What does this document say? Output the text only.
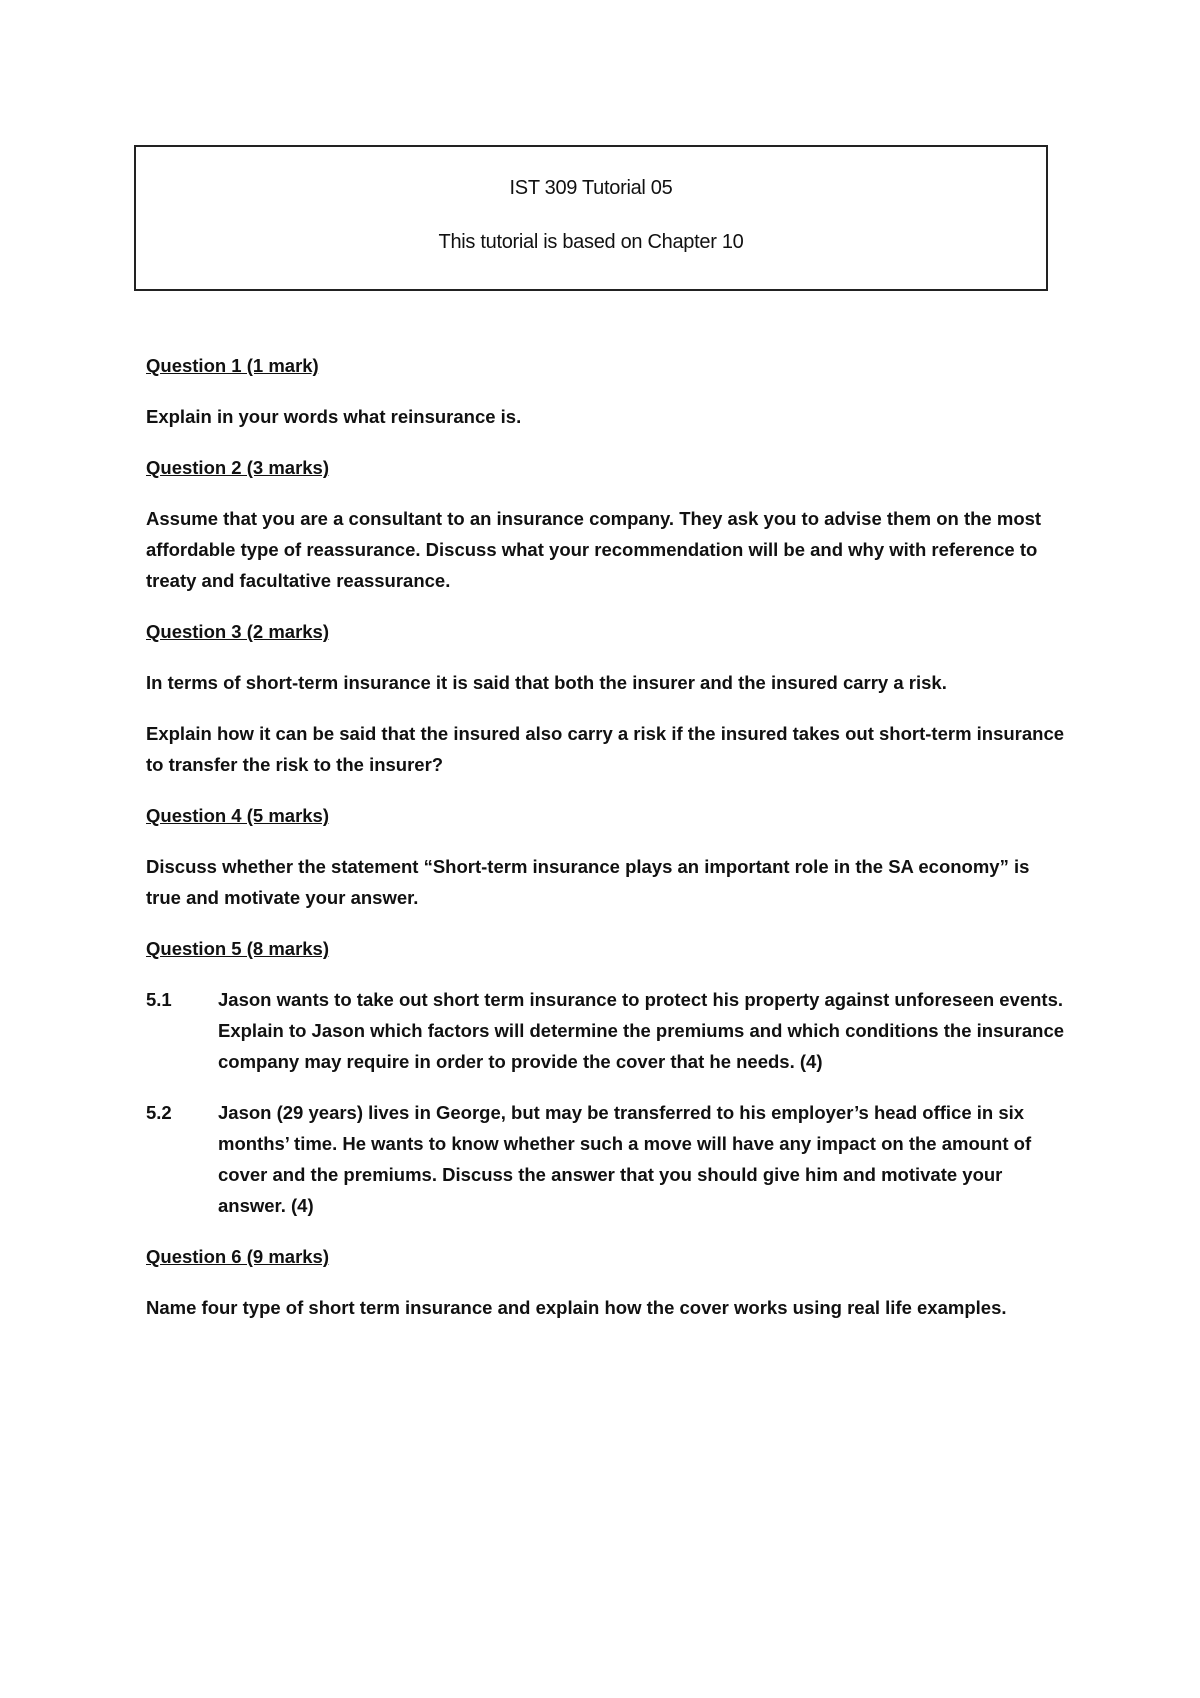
IST 309 Tutorial 05
This tutorial is based on Chapter 10
Question 1 (1 mark)
Explain in your words what reinsurance is.
Question 2 (3 marks)
Assume that you are a consultant to an insurance company. They ask you to advise them on the most affordable type of reassurance. Discuss what your recommendation will be and why with reference to treaty and facultative reassurance.
Question 3 (2 marks)
In terms of short-term insurance it is said that both the insurer and the insured carry a risk.
Explain how it can be said that the insured also carry a risk if the insured takes out short-term insurance to transfer the risk to the insurer?
Question 4 (5 marks)
Discuss whether the statement “Short-term insurance plays an important role in the SA economy” is true and motivate your answer.
Question 5 (8 marks)
5.1	Jason wants to take out short term insurance to protect his property against unforeseen events. Explain to Jason which factors will determine the premiums and which conditions the insurance company may require in order to provide the cover that he needs. (4)
5.2	Jason (29 years) lives in George, but may be transferred to his employer’s head office in six months’ time. He wants to know whether such a move will have any impact on the amount of cover and the premiums. Discuss the answer that you should give him and motivate youranswer. (4)
Question 6 (9 marks)
Name four type of short term insurance and explain how the cover works using real life examples.
